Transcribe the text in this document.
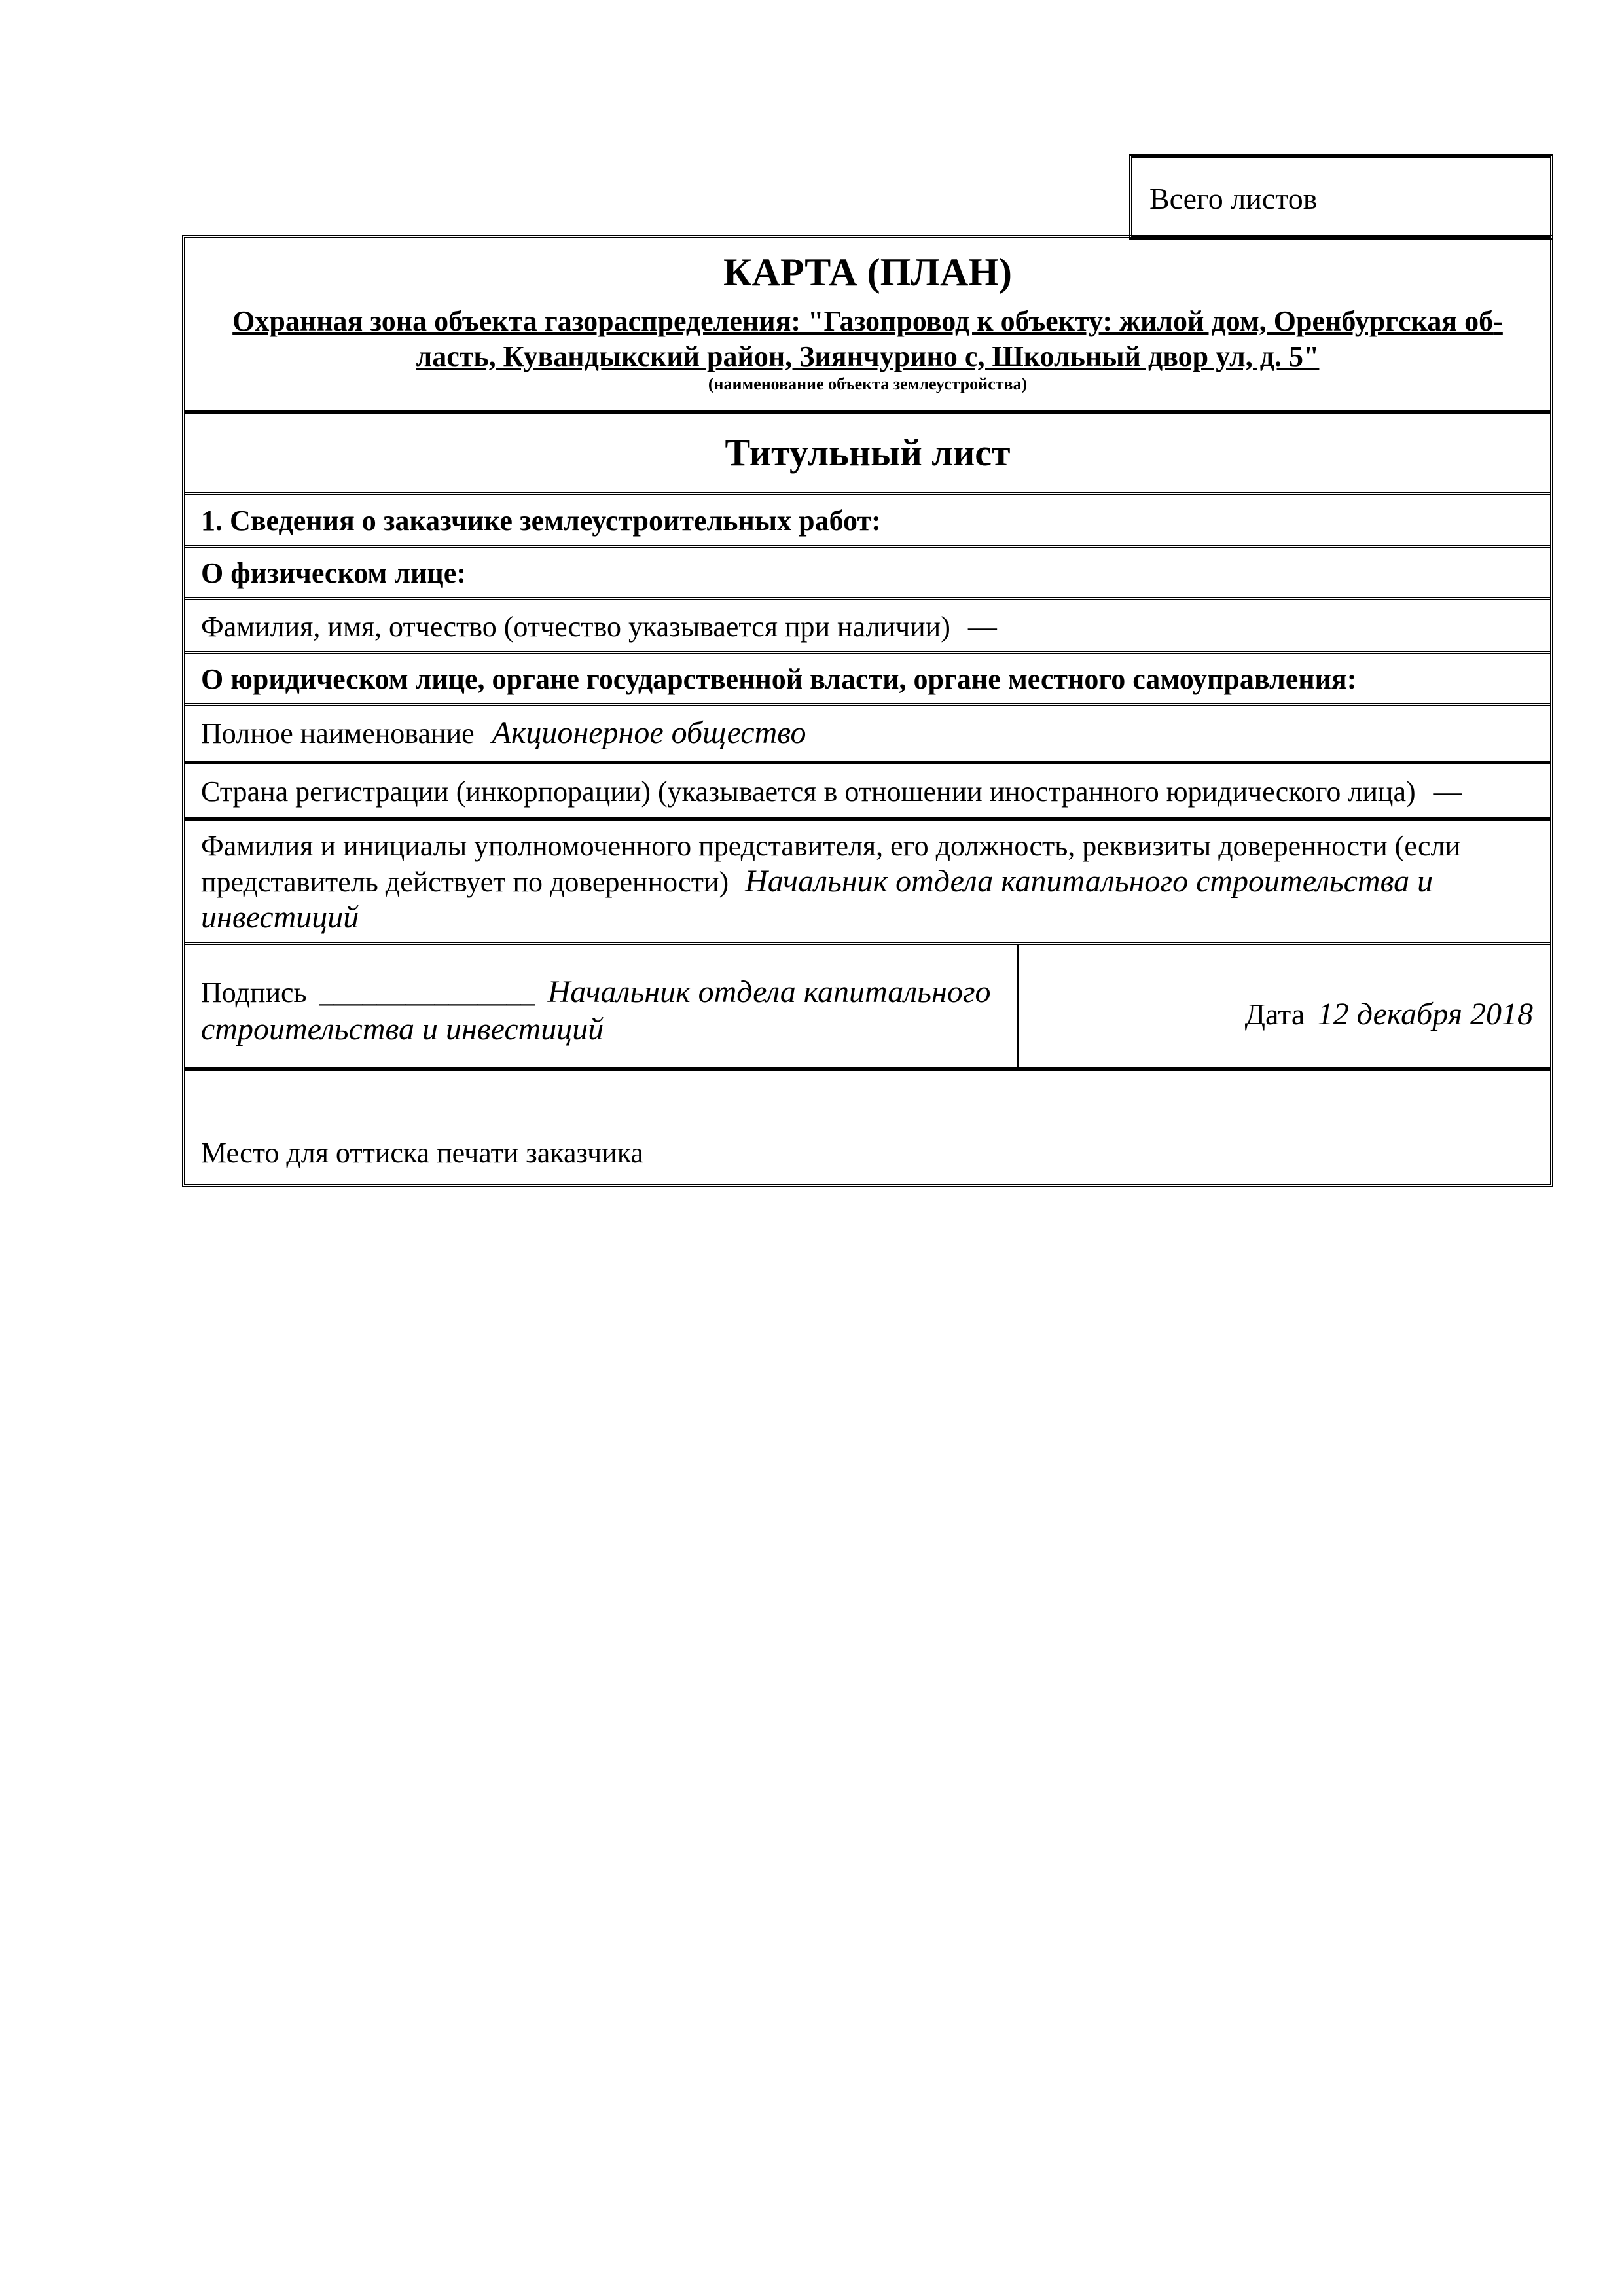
Всего листов
КАРТА (ПЛАН)
Охранная зона объекта газораспределения: "Газопровод к объекту: жилой дом, Оренбургская область, Кувандыкский район, Зиянчурино с, Школьный двор ул, д. 5"
(наименование объекта землеустройства)
Титульный лист
1. Сведения о заказчике землеустроительных работ:
О физическом лице:
Фамилия, имя, отчество (отчество указывается при наличии) —
О юридическом лице, органе государственной власти, органе местного самоуправления:
Полное наименование Акционерное общество
Страна регистрации (инкорпорации) (указывается в отношении иностранного юридического лица) —
Фамилия и инициалы уполномоченного представителя, его должность, реквизиты доверенности (если представитель действует по доверенности) Начальник отдела капитального строительства и инвестиций
Подпись _______________ Начальник отдела капитального строительства и инвестиций	Дата 12 декабря 2018
Место для оттиска печати заказчика
